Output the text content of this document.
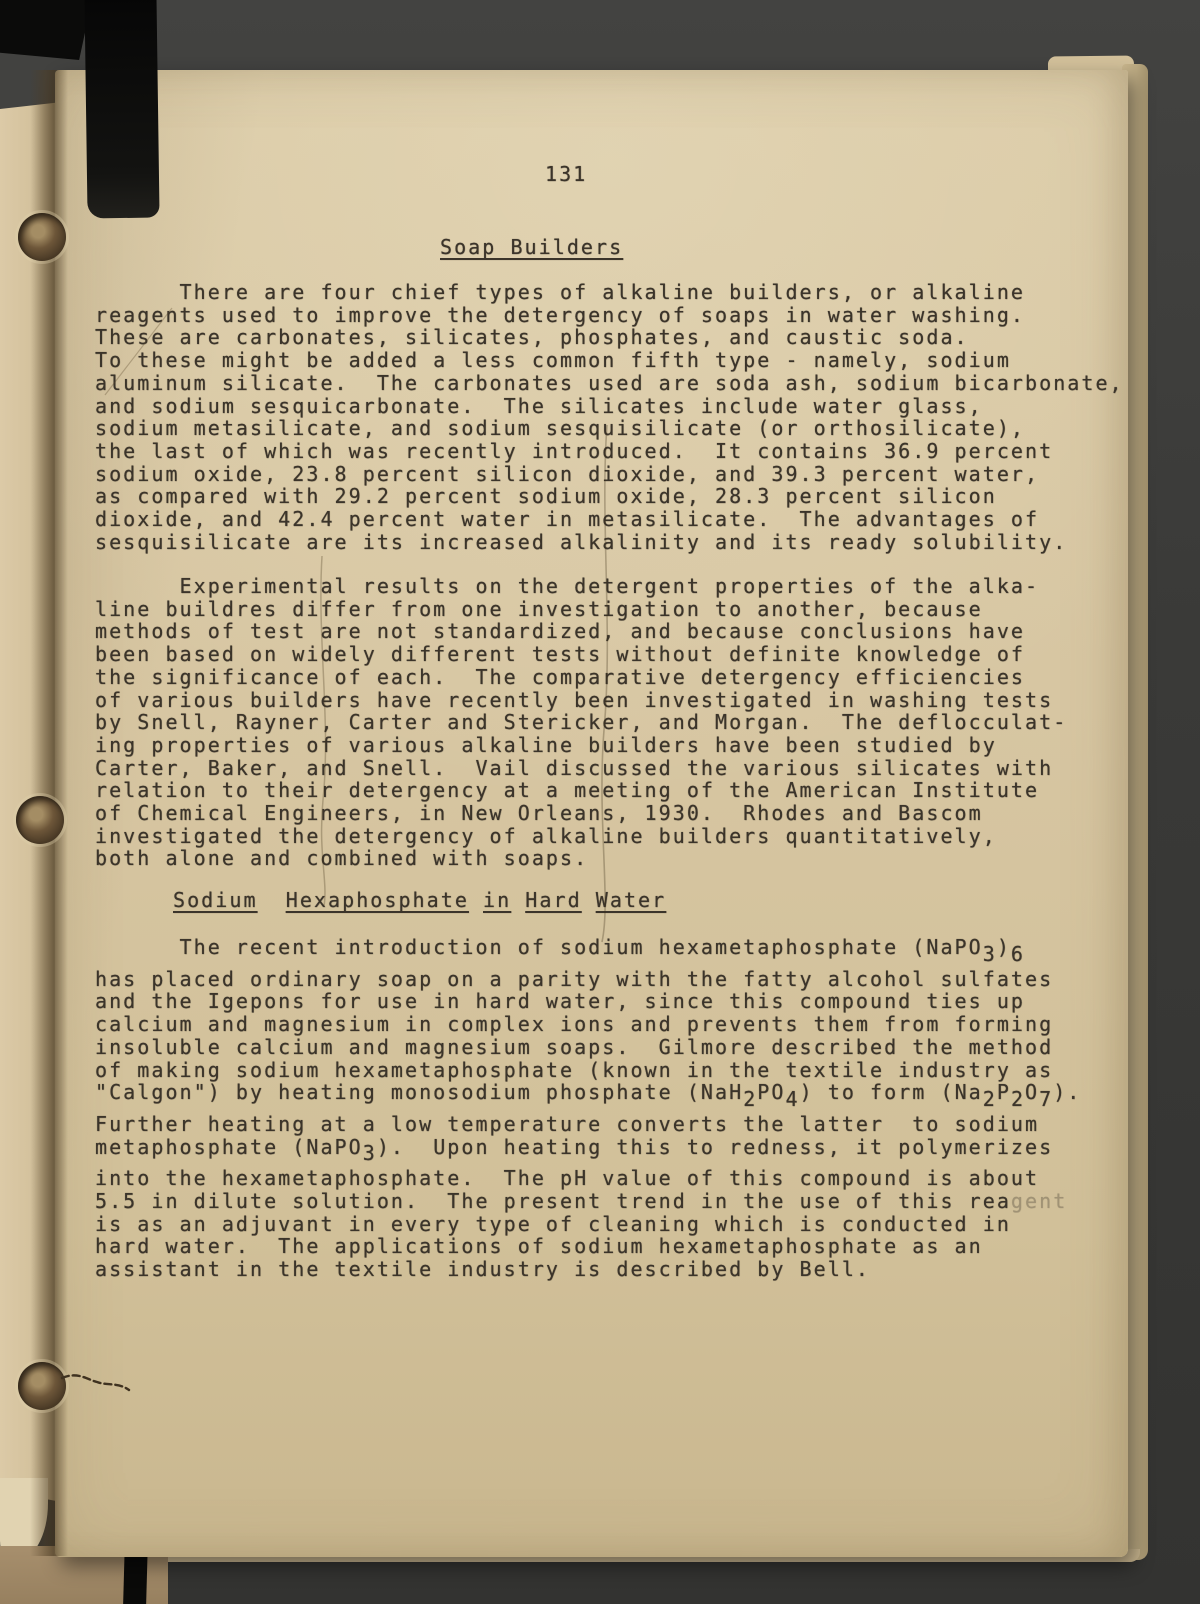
131
Soap Builders
There are four chief types of alkaline builders, or alkaline
reagents used to improve the detergency of soaps in water washing.
These are carbonates, silicates, phosphates, and caustic soda.
To these might be added a less common fifth type - namely, sodium
aluminum silicate.  The carbonates used are soda ash, sodium bicarbonate,
and sodium sesquicarbonate.  The silicates include water glass,
sodium metasilicate, and sodium sesquisilicate (or orthosilicate),
the last of which was recently introduced.  It contains 36.9 percent
sodium oxide, 23.8 percent silicon dioxide, and 39.3 percent water,
as compared with 29.2 percent sodium oxide, 28.3 percent silicon
dioxide, and 42.4 percent water in metasilicate.  The advantages of
sesquisilicate are its increased alkalinity and its ready solubility.
Experimental results on the detergent properties of the alka-
line buildres differ from one investigation to another, because
methods of test are not standardized, and because conclusions have
been based on widely different tests without definite knowledge of
the significance of each.  The comparative detergency efficiencies
of various builders have recently been investigated in washing tests
by Snell, Rayner, Carter and Stericker, and Morgan.  The deflocculat-
ing properties of various alkaline builders have been studied by
Carter, Baker, and Snell.  Vail discussed the various silicates with
relation to their detergency at a meeting of the American Institute
of Chemical Engineers, in New Orleans, 1930.  Rhodes and Bascom
investigated the detergency of alkaline builders quantitatively,
both alone and combined with soaps.
Sodium Hexaphosphate in Hard Water
The recent introduction of sodium hexametaphosphate (NaPO3)6
has placed ordinary soap on a parity with the fatty alcohol sulfates
and the Igepons for use in hard water, since this compound ties up
calcium and magnesium in complex ions and prevents them from forming
insoluble calcium and magnesium soaps.  Gilmore described the method
of making sodium hexametaphosphate (known in the textile industry as
"Calgon") by heating monosodium phosphate (NaH2PO4) to form (Na2P2O7).
Further heating at a low temperature converts the latter  to sodium
metaphosphate (NaPO3).  Upon heating this to redness, it polymerizes
into the hexametaphosphate.  The pH value of this compound is about
5.5 in dilute solution.  The present trend in the use of this reagent
is as an adjuvant in every type of cleaning which is conducted in
hard water.  The applications of sodium hexametaphosphate as an
assistant in the textile industry is described by Bell.
